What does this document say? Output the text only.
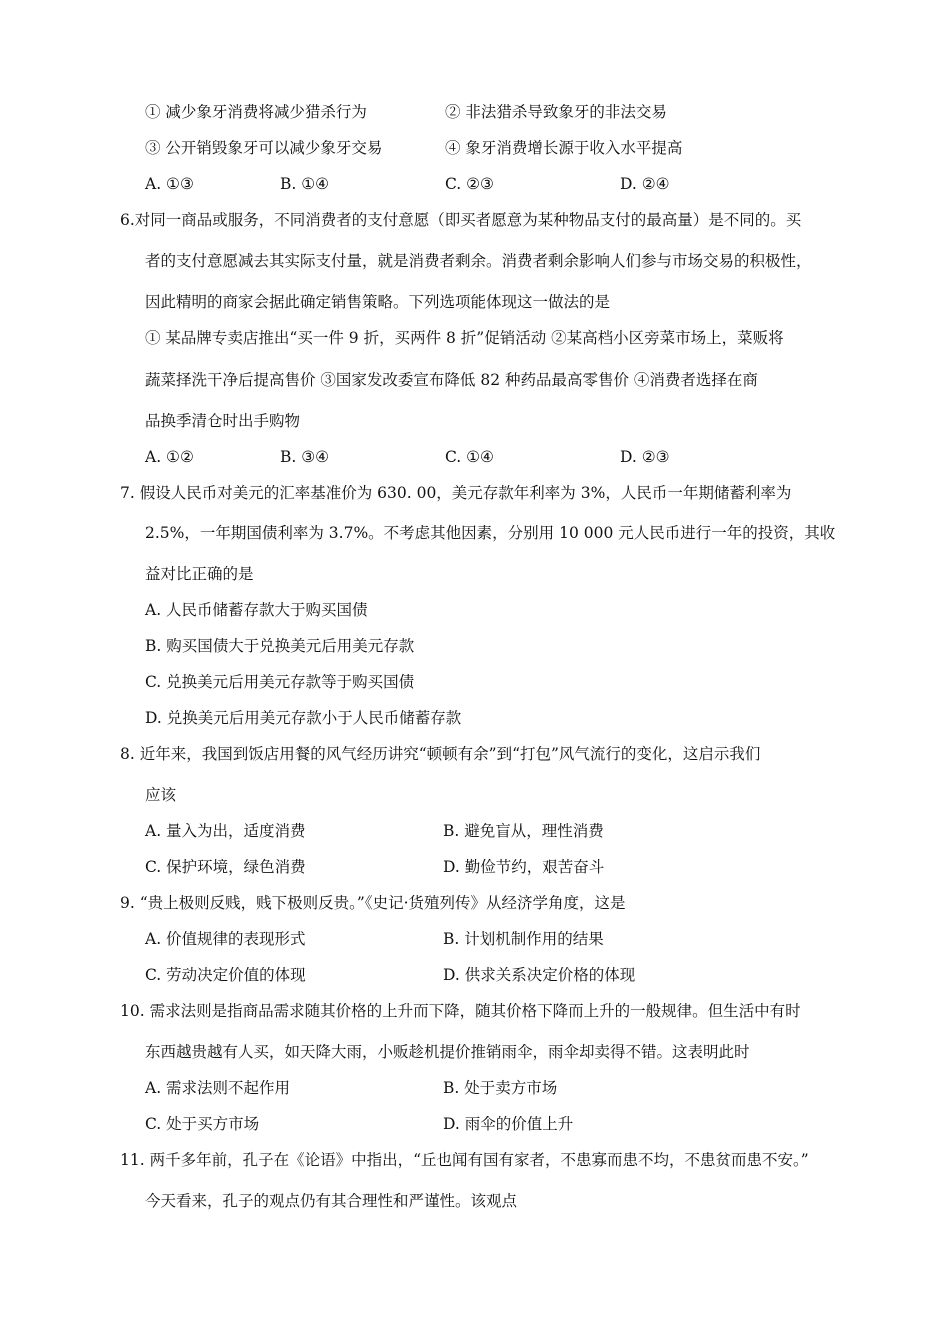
① 减少象牙消费将减少猎杀行为	② 非法猎杀导致象牙的非法交易
③ 公开销毁象牙可以减少象牙交易	④ 象牙消费增长源于收入水平提高
A. ①③	B. ①④	C. ②③	D. ②④
6.对同一商品或服务，不同消费者的支付意愿（即买者愿意为某种物品支付的最高量）是不同的。买
者的支付意愿减去其实际支付量，就是消费者剩余。消费者剩余影响人们参与市场交易的积极性，
因此精明的商家会据此确定销售策略。下列选项能体现这一做法的是
① 某品牌专卖店推出“买一件 9 折，买两件 8 折”促销活动 ②某高档小区旁菜市场上，菜贩将
蔬菜择洗干净后提高售价 ③国家发改委宣布降低 82 种药品最高零售价 ④消费者选择在商
品换季清仓时出手购物
A. ①②	B. ③④	C. ①④	D. ②③
7. 假设人民币对美元的汇率基准价为 630. 00，美元存款年利率为 3%，人民币一年期储蓄利率为
2.5%，一年期国债利率为 3.7%。不考虑其他因素，分别用 10 000 元人民币进行一年的投资，其收
益对比正确的是
A. 人民币储蓄存款大于购买国债
B. 购买国债大于兑换美元后用美元存款
C. 兑换美元后用美元存款等于购买国债
D. 兑换美元后用美元存款小于人民币储蓄存款
8. 近年来，我国到饭店用餐的风气经历讲究“顿顿有余”到“打包”风气流行的变化，这启示我们
应该
A. 量入为出，适度消费	B. 避免盲从，理性消费
C. 保护环境，绿色消费	D. 勤俭节约，艰苦奋斗
9. “贵上极则反贱，贱下极则反贵。”《史记·货殖列传》从经济学角度，这是
A. 价值规律的表现形式	B. 计划机制作用的结果
C. 劳动决定价值的体现	D. 供求关系决定价格的体现
10. 需求法则是指商品需求随其价格的上升而下降，随其价格下降而上升的一般规律。但生活中有时
东西越贵越有人买，如天降大雨，小贩趁机提价推销雨伞，雨伞却卖得不错。这表明此时
A. 需求法则不起作用	B. 处于卖方市场
C. 处于买方市场	D. 雨伞的价值上升
11. 两千多年前，孔子在《论语》中指出，“丘也闻有国有家者，不患寡而患不均，不患贫而患不安。”
今天看来，孔子的观点仍有其合理性和严谨性。该观点
